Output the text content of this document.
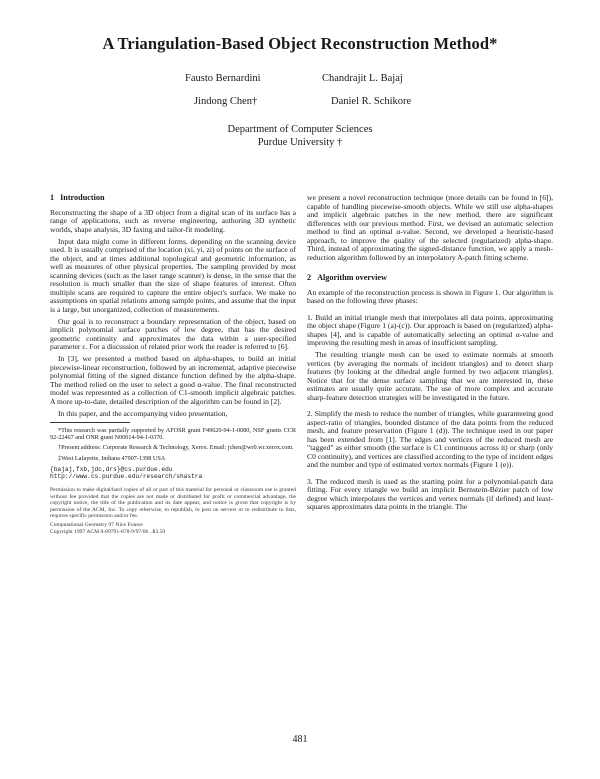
A Triangulation-Based Object Reconstruction Method*
Fausto Bernardini	Chandrajit L. Bajaj
Jindong Chen†	Daniel R. Schikore
Department of Computer Sciences
Purdue University †
1 Introduction

Reconstructing the shape of a 3D object from a digital scan of its surface has a range of applications, such as reverse engineering, authoring 3D synthetic worlds, shape analysis, 3D faxing and tailor-fit modeling.

Input data might come in different forms, depending on the scanning device used. It is usually comprised of the location (xi, yi, zi) of points on the surface of the object, and at times additional topological and geometric information, as well as measures of other physical properties. The sampling provided by most scanning devices (such as the laser range scanner) is dense, in the sense that the resolution is much smaller than the size of shape features of interest. Often multiple scans are required to capture the entire object's surface. We make no assumptions on spatial relations among sample points, and assume that the input is a large, but unorganized, collection of measurements.

Our goal is to reconstruct a boundary representation of the object, based on implicit polynomial surface patches of low degree, that has the desired geometric continuity and approximates the data within a user-specified parameter ε. For a discussion of related prior work the reader is referred to [6].

In [3], we presented a method based on alpha-shapes, to build an initial piecewise-linear reconstruction, followed by an incremental, adaptive piecewise polynomial fitting of the signed distance function defined by the alpha-shape. The method relied on the user to select a good α-value. The final reconstructed model was represented as a collection of C1-smooth implicit algebraic patches. A more up-to-date, detailed description of the algorithm can be found in [2].

In this paper, and the accompanying video presentation,

*This research was partially supported by AFOSR grant F49620-94-1-0080, NSF grants CCR 92-22467 and ONR grant N00014-94-1-0370.

†Present address: Corporate Research & Technology, Xerox. Email: jchen@wr0.wr.xerox.com.

‡West Lafayette, Indiana 47907-1398 USA

{bajaj,fxb,jdc,drs}@cs.purdue.edu
http://www.cs.purdue.edu/research/shastra
Permission to make digital/hard copies of all or part of this material for personal or classroom use is granted without fee provided that the copies are not made or distributed for profit or commercial advantage, the copyright notice, the title of the publication and its date appear, and notice is given that copyright is by permission of the ACM, Inc. To copy otherwise, to republish, to post on servers or to redistribute to lists, requires specific permission and/or fee.
Computational Geometry 97 Nice France
Copyright 1997 ACM 0-89791-878-9/97/06 ..$3.50

we present a novel reconstruction technique (more details can be found in [6]), capable of handling piecewise-smooth objects. While we still use alpha-shapes and implicit algebraic patches in the new method, there are significant differences with our previous method. First, we devised an automatic selection method to find an optimal α-value. Second, we developed a heuristic-based approach, to improve the quality of the selected (regularized) alpha-shape. Third, instead of approximating the signed-distance function, we apply a mesh-reduction algorithm followed by an interpolatory A-patch fitting scheme.

2 Algorithm overview

An example of the reconstruction process is shown in Figure 1. Our algorithm is based on the following three phases:

1. Build an initial triangle mesh that interpolates all data points, approximating the object shape (Figure 1 (a)-(c)). Our approach is based on (regularized) alpha-shapes [4], and is capable of automatically selecting an optimal α-value and improving the resulting mesh in areas of insufficient sampling.

The resulting triangle mesh can be used to estimate normals at smooth vertices (by averaging the normals of incident triangles) and to detect sharp features (by looking at the dihedral angle formed by two adjacent triangles). Notice that for the dense surface sampling that we are interested in, these estimates are usually quite accurate. The use of more complex and accurate sharp-feature detection strategies will be investigated in the future.

2. Simplify the mesh to reduce the number of triangles, while guaranteeing good aspect-ratio of triangles, bounded distance of the data points from the reduced mesh, and feature preservation (Figure 1 (d)). The technique used in our paper has been extended from [1]. The edges and vertices of the reduced mesh are "tagged" as either smooth (the surface is C1 continuous across it) or sharp (only C0 continuity), and vertices are classified according to the type of incident edges and the number and type of estimated vertex normals (Figure 1 (e)).

3. The reduced mesh is used as the starting point for a polynomial-patch data fitting. For every triangle we build an implicit Bernstein-Bézier patch of low degree which interpolates the vertices and vertex normals (if defined) and least-squares approximates data points in the triangle. The

481
